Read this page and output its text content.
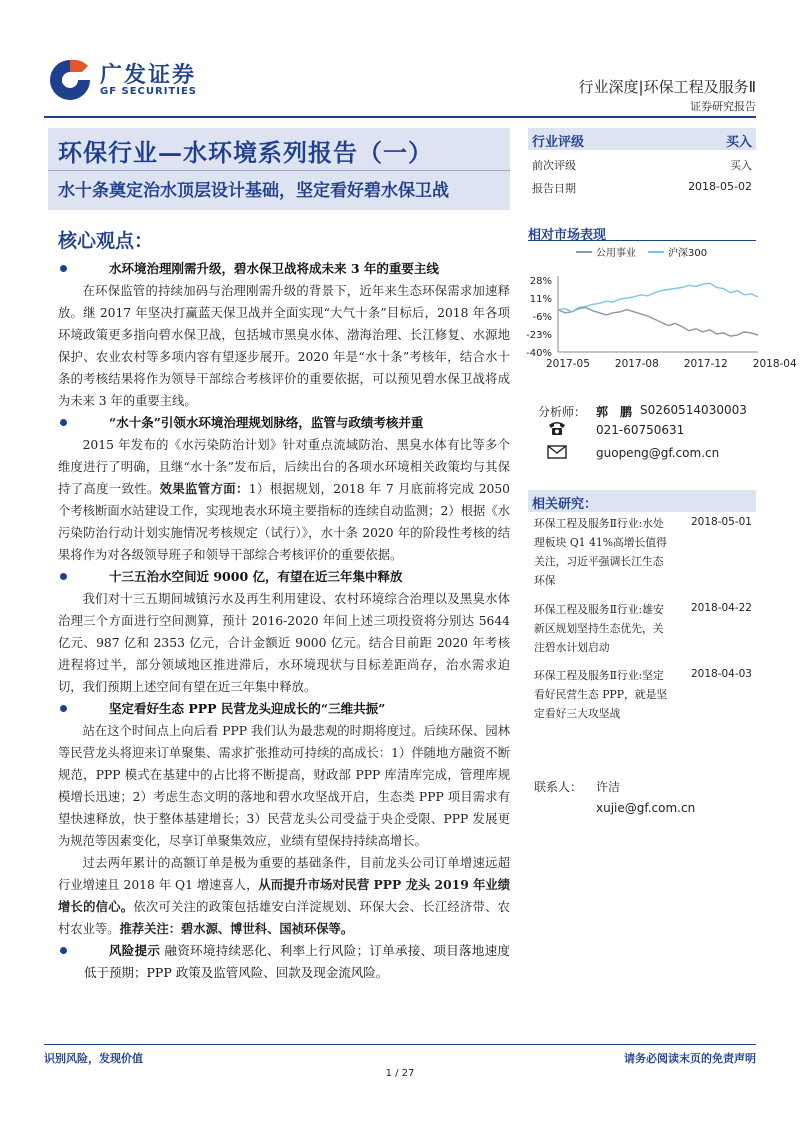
广发证券
GF SECURITIES	行业深度|环保工程及服务Ⅱ
证券研究报告
环保行业—水环境系列报告（一）
水十条奠定治水顶层设计基础，坚定看好碧水保卫战
行业评级	买入
前次评级	买入
报告日期	2018-05-02
核心观点：

水环境治理刚需升级，碧水保卫战将成未来 3 年的重要主线

在环保监管的持续加码与治理刚需升级的背景下，近年来生态环保需求加速释放。继 2017 年坚决打赢蓝天保卫战并全面实现“大气十条”目标后，2018 年各项环境政策更多指向碧水保卫战，包括城市黑臭水体、渤海治理、长江修复、水源地保护、农业农村等多项内容有望逐步展开。2020 年是“水十条”考核年，结合水十条的考核结果将作为领导干部综合考核评价的重要依据，可以预见碧水保卫战将成为未来 3 年的重要主线。

“水十条”引领水环境治理规划脉络，监管与政绩考核并重

2015 年发布的《水污染防治计划》针对重点流域防治、黑臭水体有比等多个维度进行了明确，且继“水十条”发布后，后续出台的各项水环境相关政策均与其保持了高度一致性。效果监管方面：1）根据规划，2018 年 7 月底前将完成 2050 个考核断面水站建设工作，实现地表水环境主要指标的连续自动监测；2）根据《水污染防治行动计划实施情况考核规定（试行）》，水十条 2020 年的阶段性考核的结果将作为对各级领导班子和领导干部综合考核评价的重要依据。

十三五治水空间近 9000 亿，有望在近三年集中释放

我们对十三五期间城镇污水及再生利用建设、农村环境综合治理以及黑臭水体治理三个方面进行空间测算，预计 2016-2020 年间上述三项投资将分别达 5644 亿元、987 亿和 2353 亿元，合计金额近 9000 亿元。结合目前距 2020 年考核进程将过半，部分领域地区推进滞后，水环境现状与目标差距尚存，治水需求迫切，我们预期上述空间有望在近三年集中释放。

坚定看好生态 PPP 民营龙头迎成长的“三维共振”

站在这个时间点上向后看 PPP 我们认为最悲观的时期将度过。后续环保、园林等民营龙头将迎来订单聚集、需求扩张推动可持续的高成长：1）伴随地方融资不断规范，PPP 模式在基建中的占比将不断提高，财政部 PPP 库清库完成，管理库规模增长迅速；2）考虑生态文明的落地和碧水攻坚战开启，生态类 PPP 项目需求有望快速释放，快于整体基建增长；3）民营龙头公司受益于央企受限、PPP 发展更为规范等因素变化，尽享订单聚集效应，业绩有望保持持续高增长。

过去两年累计的高额订单是极为重要的基础条件，目前龙头公司订单增速远超行业增速且 2018 年 Q1 增速喜人，从而提升市场对民营 PPP 龙头 2019 年业绩增长的信心。依次可关注的政策包括雄安白洋淀规划、环保大会、长江经济带、农村农业等。推荐关注：碧水源、博世科、国祯环保等。

风险提示 融资环境持续恶化、利率上行风险；订单承接、项目落地速度低于预期；PPP 政策及监管风险、回款及现金流风险。

相对市场表现
公用事业	沪深300
28%
11%
-6%
-23%
-40%
2017-05 2017-08 2017-12 2018-04
分析师： 郭　鹏 S0260514030003
021-60750631
guopeng@gf.com.cn
相关研究：
环保工程及服务Ⅱ行业:水处
理板块 Q1 41%高增长值得
关注，习近平强调长江生态
环保
2018-05-01
环保工程及服务Ⅱ行业:雄安
新区规划坚持生态优先，关
注碧水计划启动
2018-04-22
环保工程及服务Ⅱ行业:坚定
看好民营生态 PPP，就是坚
定看好三大攻坚战
2018-04-03
联系人： 许洁
xujie@gf.com.cn
识别风险，发现价值	请务必阅读末页的免责声明
1 / 27
